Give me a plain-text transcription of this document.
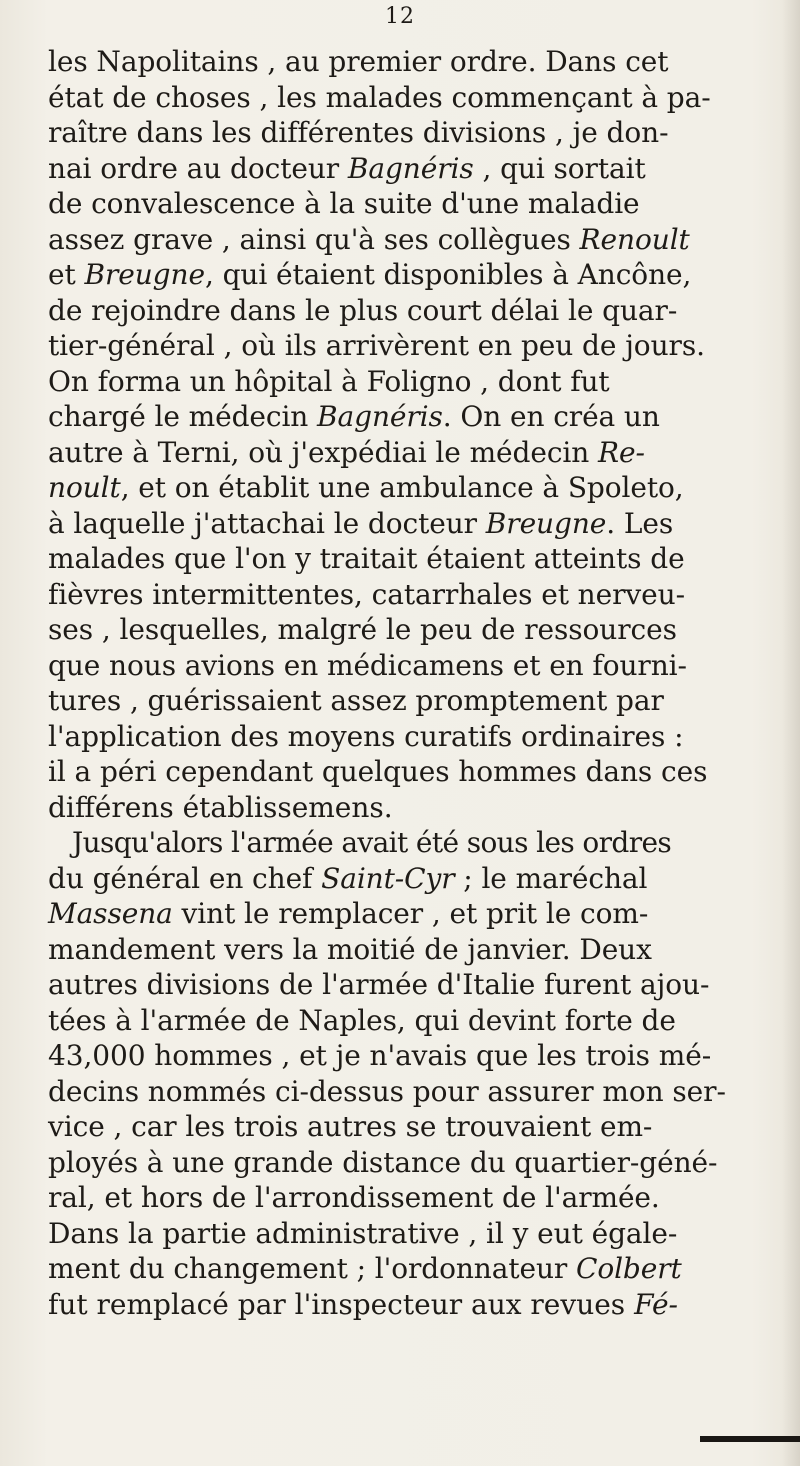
12
les Napolitains , au premier ordre. Dans cet
état de choses , les malades commençant à pa-
raître dans les différentes divisions , je don-
nai ordre au docteur Bagnéris , qui sortait
de convalescence à la suite d'une maladie
assez grave , ainsi qu'à ses collègues Renoult
et Breugne, qui étaient disponibles à Ancône,
de rejoindre dans le plus court délai le quar-
tier-général , où ils arrivèrent en peu de jours.
On forma un hôpital à Foligno , dont fut
chargé le médecin Bagnéris. On en créa un
autre à Terni, où j'expédiai le médecin Re-
noult, et on établit une ambulance à Spoleto,
à laquelle j'attachai le docteur Breugne. Les
malades que l'on y traitait étaient atteints de
fièvres intermittentes, catarrhales et nerveu-
ses , lesquelles, malgré le peu de ressources
que nous avions en médicamens et en fourni-
tures , guérissaient assez promptement par
l'application des moyens curatifs ordinaires :
il a péri cependant quelques hommes dans ces
différens établissemens.
Jusqu'alors l'armée avait été sous les ordres
du général en chef Saint-Cyr ; le maréchal
Massena vint le remplacer , et prit le com-
mandement vers la moitié de janvier. Deux
autres divisions de l'armée d'Italie furent ajou-
tées à l'armée de Naples, qui devint forte de
43,000 hommes , et je n'avais que les trois mé-
decins nommés ci-dessus pour assurer mon ser-
vice , car les trois autres se trouvaient em-
ployés à une grande distance du quartier-géné-
ral, et hors de l'arrondissement de l'armée.
Dans la partie administrative , il y eut égale-
ment du changement ; l'ordonnateur Colbert
fut remplacé par l'inspecteur aux revues Fé-
